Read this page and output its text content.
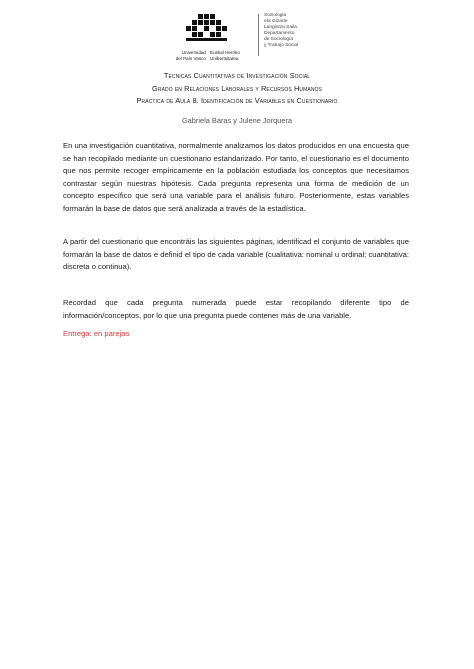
Universidad
del País Vasco
Euskal Herriko
Unibertsitatea
Soziologia
eta Gizarte
Langintza Saila
Departamento
de Sociología
y Trabajo Social
Técnicas Cuantitativas de Investigación Social
Grado en Relaciones Laborales y Recursos Humanos
Práctica de Aula 8. Identificación de Variables en Cuestionario
Gabriela Baras y Julene Jorquera
En una investigación cuantitativa, normalmente analizamos los datos producidos en una encuesta que se han recopilado mediante un cuestionario estandarizado. Por tanto, el cuestionario es el documento que nos permite recoger empíricamente en la población estudiada los conceptos que necesitamos contrastar según nuestras hipótesis. Cada pregunta representa una forma de medición de un concepto específico que será una variable para el análisis futuro. Posteriormente, estas variables formarán la base de datos que será analizada a través de la estadística.
A partir del cuestionario que encontráis las siguientes páginas, identificad el conjunto de variables que formarán la base de datos e definid el tipo de cada variable (cualitativa: nominal u ordinal; cuantitativa: discreta o continua).
Recordad que cada pregunta numerada puede estar recopilando diferente tipo de información/conceptos, por lo que una pregunta puede contener más de una variable.
Entrega: en parejas
